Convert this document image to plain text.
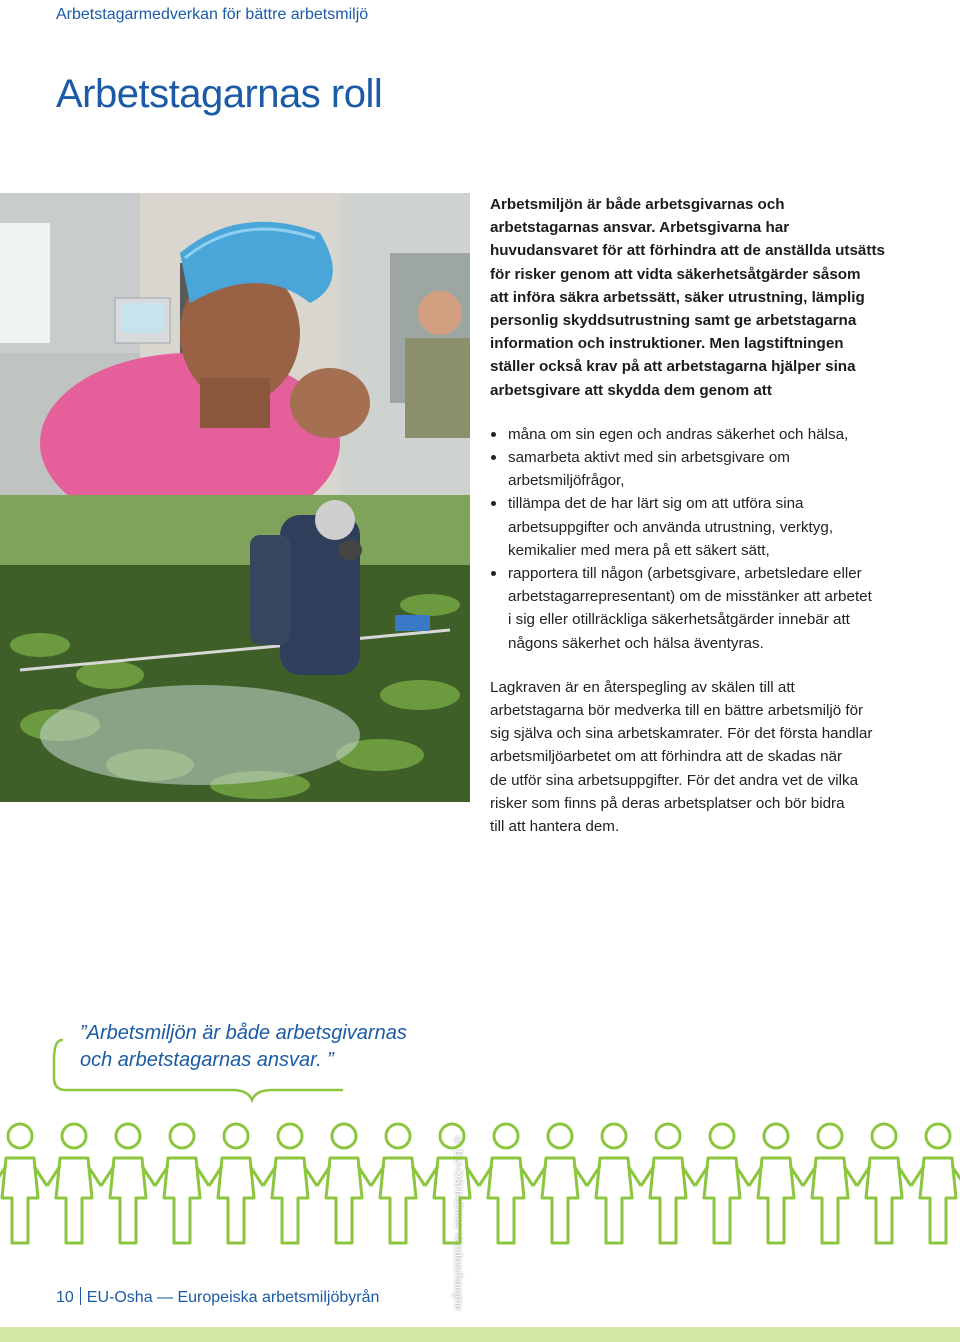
Arbetstagarmedverkan för bättre arbetsmiljö
Arbetstagarnas roll
© EU-OSHA/Dries Vandeschaegne

Arbetsmiljön är både arbetsgivarnas och
arbetstagarnas ansvar. Arbetsgivarna har
huvudansvaret för att förhindra att de anställda utsätts
för risker genom att vidta säkerhetsåtgärder såsom
att införa säkra arbetssätt, säker utrustning, lämplig
personlig skyddsutrustning samt ge arbetstagarna
information och instruktioner. Men lagstiftningen
ställer också krav på att arbetstagarna hjälper sina
arbetsgivare att skydda dem genom att

måna om sin egen och andras säkerhet och hälsa,
samarbeta aktivt med sin arbetsgivare om
arbetsmiljöfrågor,
tillämpa det de har lärt sig om att utföra sina
arbetsuppgifter och använda utrustning, verktyg,
kemikalier med mera på ett säkert sätt,
rapportera till någon (arbetsgivare, arbetsledare eller
arbetstagarrepresentant) om de misstänker att arbetet
i sig eller otillräckliga säkerhetsåtgärder innebär att
någons säkerhet och hälsa äventyras.

Lagkraven är en återspegling av skälen till att
arbetstagarna bör medverka till en bättre arbetsmiljö för
sig själva och sina arbetskamrater. För det första handlar
arbetsmiljöarbetet om att förhindra att de skadas när
de utför sina arbetsuppgifter. För det andra vet de vilka
risker som finns på deras arbetsplatser och bör bidra
till att hantera dem.

”Arbetsmiljön är både arbetsgivarnas
och arbetstagarnas ansvar. ”
10 EU-Osha — Europeiska arbetsmiljöbyrån
